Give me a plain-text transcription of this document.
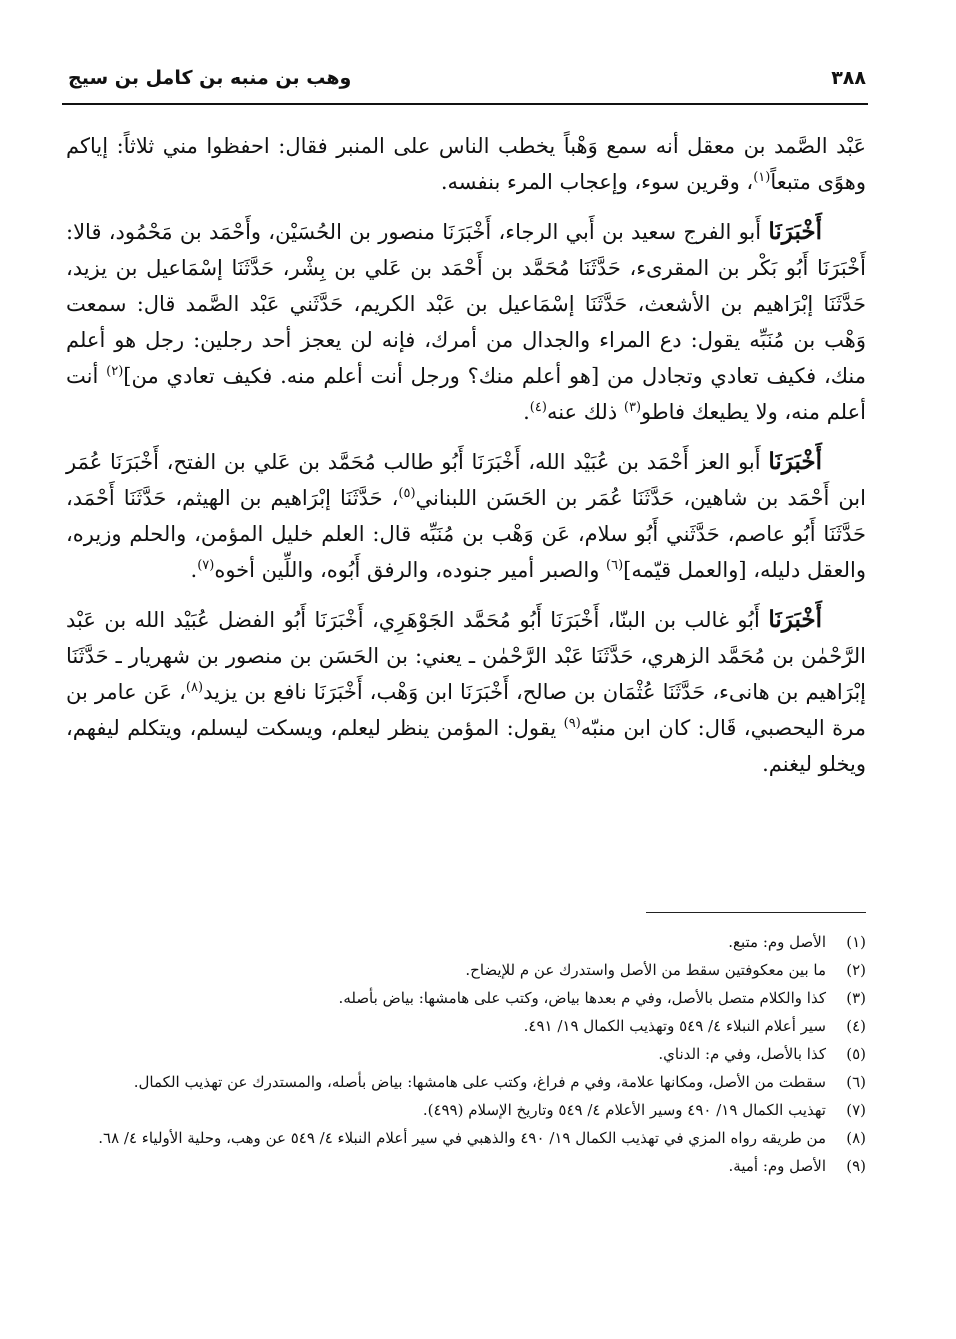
٣٨٨
وهب بن منبه بن كامل بن سيج

عَبْد الصَّمد بن معقل أنه سمع وَهْباً يخطب الناس على المنبر فقال: احفظوا مني ثلاثاً: إياكم وهوًى متبعاً$^{(١)}$، وقرين سوء، وإعجاب المرء بنفسه.

أَخْبَرَنَا أَبو الفرج سعيد بن أَبي الرجاء، أَخْبَرَنَا منصور بن الحُسَيْن، وأَحْمَد بن مَحْمُود، قالا: أَخْبَرَنَا أَبُو بَكْر بن المقرىء، حَدَّثَنَا مُحَمَّد بن أَحْمَد بن عَلي بن بِشْر، حَدَّثَنَا إسْمَاعيل بن يزيد، حَدَّثَنَا إبْرَاهيم بن الأشعث، حَدَّثَنَا إسْمَاعيل بن عَبْد الكريم، حَدَّثَني عَبْد الصَّمد قال: سمعت وَهْب بن مُنَبِّه يقول: دع المراء والجدال من أمرك، فإنه لن يعجز أحد رجلين: رجل هو أعلم منك، فكيف تعادي وتجادل من [هو أعلم منك؟ ورجل أنت أعلم منه. فكيف تعادي من]$^{(٢)}$ أنت أعلم منه، ولا يطيعك فاطو$^{(٣)}$ ذلك عنه$^{(٤)}$.

أَخْبَرَنَا أَبو العز أَحْمَد بن عُبَيْد الله، أَخْبَرَنَا أَبُو طالب مُحَمَّد بن عَلي بن الفتح، أَخْبَرَنَا عُمَر ابن أَحْمَد بن شاهين، حَدَّثَنَا عُمَر بن الحَسَن اللبناني$^{(٥)}$، حَدَّثَنَا إبْرَاهيم بن الهيثم، حَدَّثَنَا أَحْمَد، حَدَّثَنَا أَبُو عاصم، حَدَّثَني أَبُو سلام، عَن وَهْب بن مُنَبِّه قال: العلم خليل المؤمن، والحلم وزيره، والعقل دليله، [والعمل قيّمه]$^{(٦)}$ والصبر أمير جنوده، والرفق أَبُوه، واللِّين أخوه$^{(٧)}$.

أَخْبَرَنَا أَبُو غالب بن البنّا، أَخْبَرَنَا أَبُو مُحَمَّد الجَوْهَرِي، أَخْبَرَنَا أَبُو الفضل عُبَيْد الله بن عَبْد الرَّحْمٰن بن مُحَمَّد الزهري، حَدَّثَنَا عَبْد الرَّحْمٰن ـ يعني: بن الحَسَن بن منصور بن شهريار ـ حَدَّثَنَا إبْرَاهيم بن هانىء، حَدَّثَنَا عُثْمَان بن صالح، أَخْبَرَنَا ابن وَهْب، أَخْبَرَنَا نافع بن يزيد$^{(٨)}$، عَن عامر بن مرة اليحصبي، قَال: كان ابن منبّه$^{(٩)}$ يقول: المؤمن ينظر ليعلم، ويسكت ليسلم، ويتكلم ليفهم، ويخلو ليغنم.

(١)
الأصل وم: متبع.
(٢)
ما بين معكوفتين سقط من الأصل واستدرك عن م للإيضاح.
(٣)
كذا والكلام متصل بالأصل، وفي م بعدها بياض، وكتب على هامشها: بياض بأصله.
(٤)
سير أعلام النبلاء ٤/ ٥٤٩ وتهذيب الكمال ١٩/ ٤٩١.
(٥)
كذا بالأصل، وفي م: الدناي.
(٦)
سقطت من الأصل، ومكانها علامة، وفي م فراغ، وكتب على هامشها: بياض بأصله، والمستدرك عن تهذيب الكمال.
(٧)
تهذيب الكمال ١٩/ ٤٩٠ وسير الأعلام ٤/ ٥٤٩ وتاريخ الإسلام (٤٩٩).
(٨)
من طريقه رواه المزي في تهذيب الكمال ١٩/ ٤٩٠ والذهبي في سير أعلام النبلاء ٤/ ٥٤٩ عن وهب، وحلية الأولياء ٤/ ٦٨.
(٩)
الأصل وم: أمية.
